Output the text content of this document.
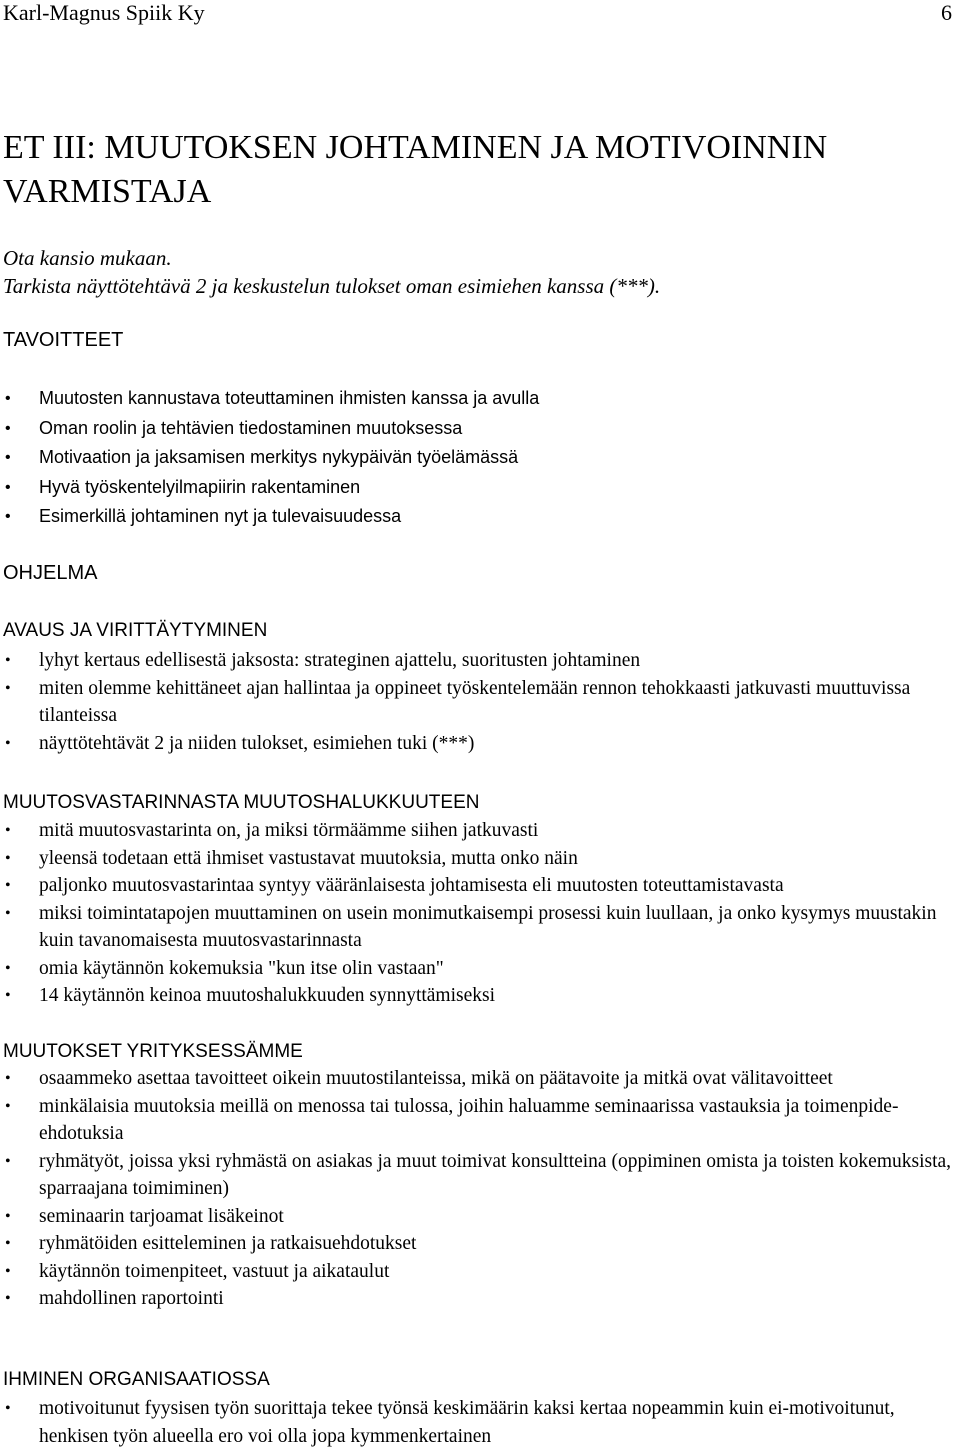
Karl-Magnus Spiik Ky	6
ET III: MUUTOKSEN JOHTAMINEN JA MOTIVOINNIN
VARMISTAJA
Ota kansio mukaan.
Tarkista näyttötehtävä 2 ja keskustelun tulokset oman esimiehen kanssa (***).
TAVOITTEET
• Muutosten kannustava toteuttaminen ihmisten kanssa ja avulla
• Oman roolin ja tehtävien tiedostaminen muutoksessa
• Motivaation ja jaksamisen merkitys nykypäivän työelämässä
• Hyvä työskentelyilmapiirin rakentaminen
• Esimerkillä johtaminen nyt ja tulevaisuudessa
OHJELMA
AVAUS JA VIRITTÄYTYMINEN
• lyhyt kertaus edellisestä jaksosta: strateginen ajattelu, suoritusten johtaminen
• miten olemme kehittäneet ajan hallintaa ja oppineet työskentelemään rennon tehokkaasti jatkuvasti muuttuvissa tilanteissa
• näyttötehtävät 2 ja niiden tulokset, esimiehen tuki (***)
MUUTOSVASTARINNASTA MUUTOSHALUKKUUTEEN
• mitä muutosvastarinta on, ja miksi törmäämme siihen jatkuvasti
• yleensä todetaan että ihmiset vastustavat muutoksia, mutta onko näin
• paljonko muutosvastarintaa syntyy vääränlaisesta johtamisesta eli muutosten toteuttamistavasta
• miksi toimintatapojen muuttaminen on usein monimutkaisempi prosessi kuin luullaan, ja onko kysymys muustakin kuin tavanomaisesta muutosvastarinnasta
• omia käytännön kokemuksia "kun itse olin vastaan"
• 14 käytännön keinoa muutoshalukkuuden synnyttämiseksi
MUUTOKSET YRITYKSESSÄMME
• osaammeko asettaa tavoitteet oikein muutostilanteissa, mikä on päätavoite ja mitkä ovat välitavoitteet
• minkälaisia muutoksia meillä on menossa tai tulossa, joihin haluamme seminaarissa vastauksia ja toimenpide-ehdotuksia
• ryhmätyöt, joissa yksi ryhmästä on asiakas ja muut toimivat konsultteina (oppiminen omista ja toisten kokemuksista, sparraajana toimiminen)
• seminaarin tarjoamat lisäkeinot
• ryhmätöiden esitteleminen ja ratkaisuehdotukset
• käytännön toimenpiteet, vastuut ja aikataulut
• mahdollinen raportointi
IHMINEN ORGANISAATIOSSA
• motivoitunut fyysisen työn suorittaja tekee työnsä keskimäärin kaksi kertaa nopeammin kuin ei-motivoitunut, henkisen työn alueella ero voi olla jopa kymmenkertainen
